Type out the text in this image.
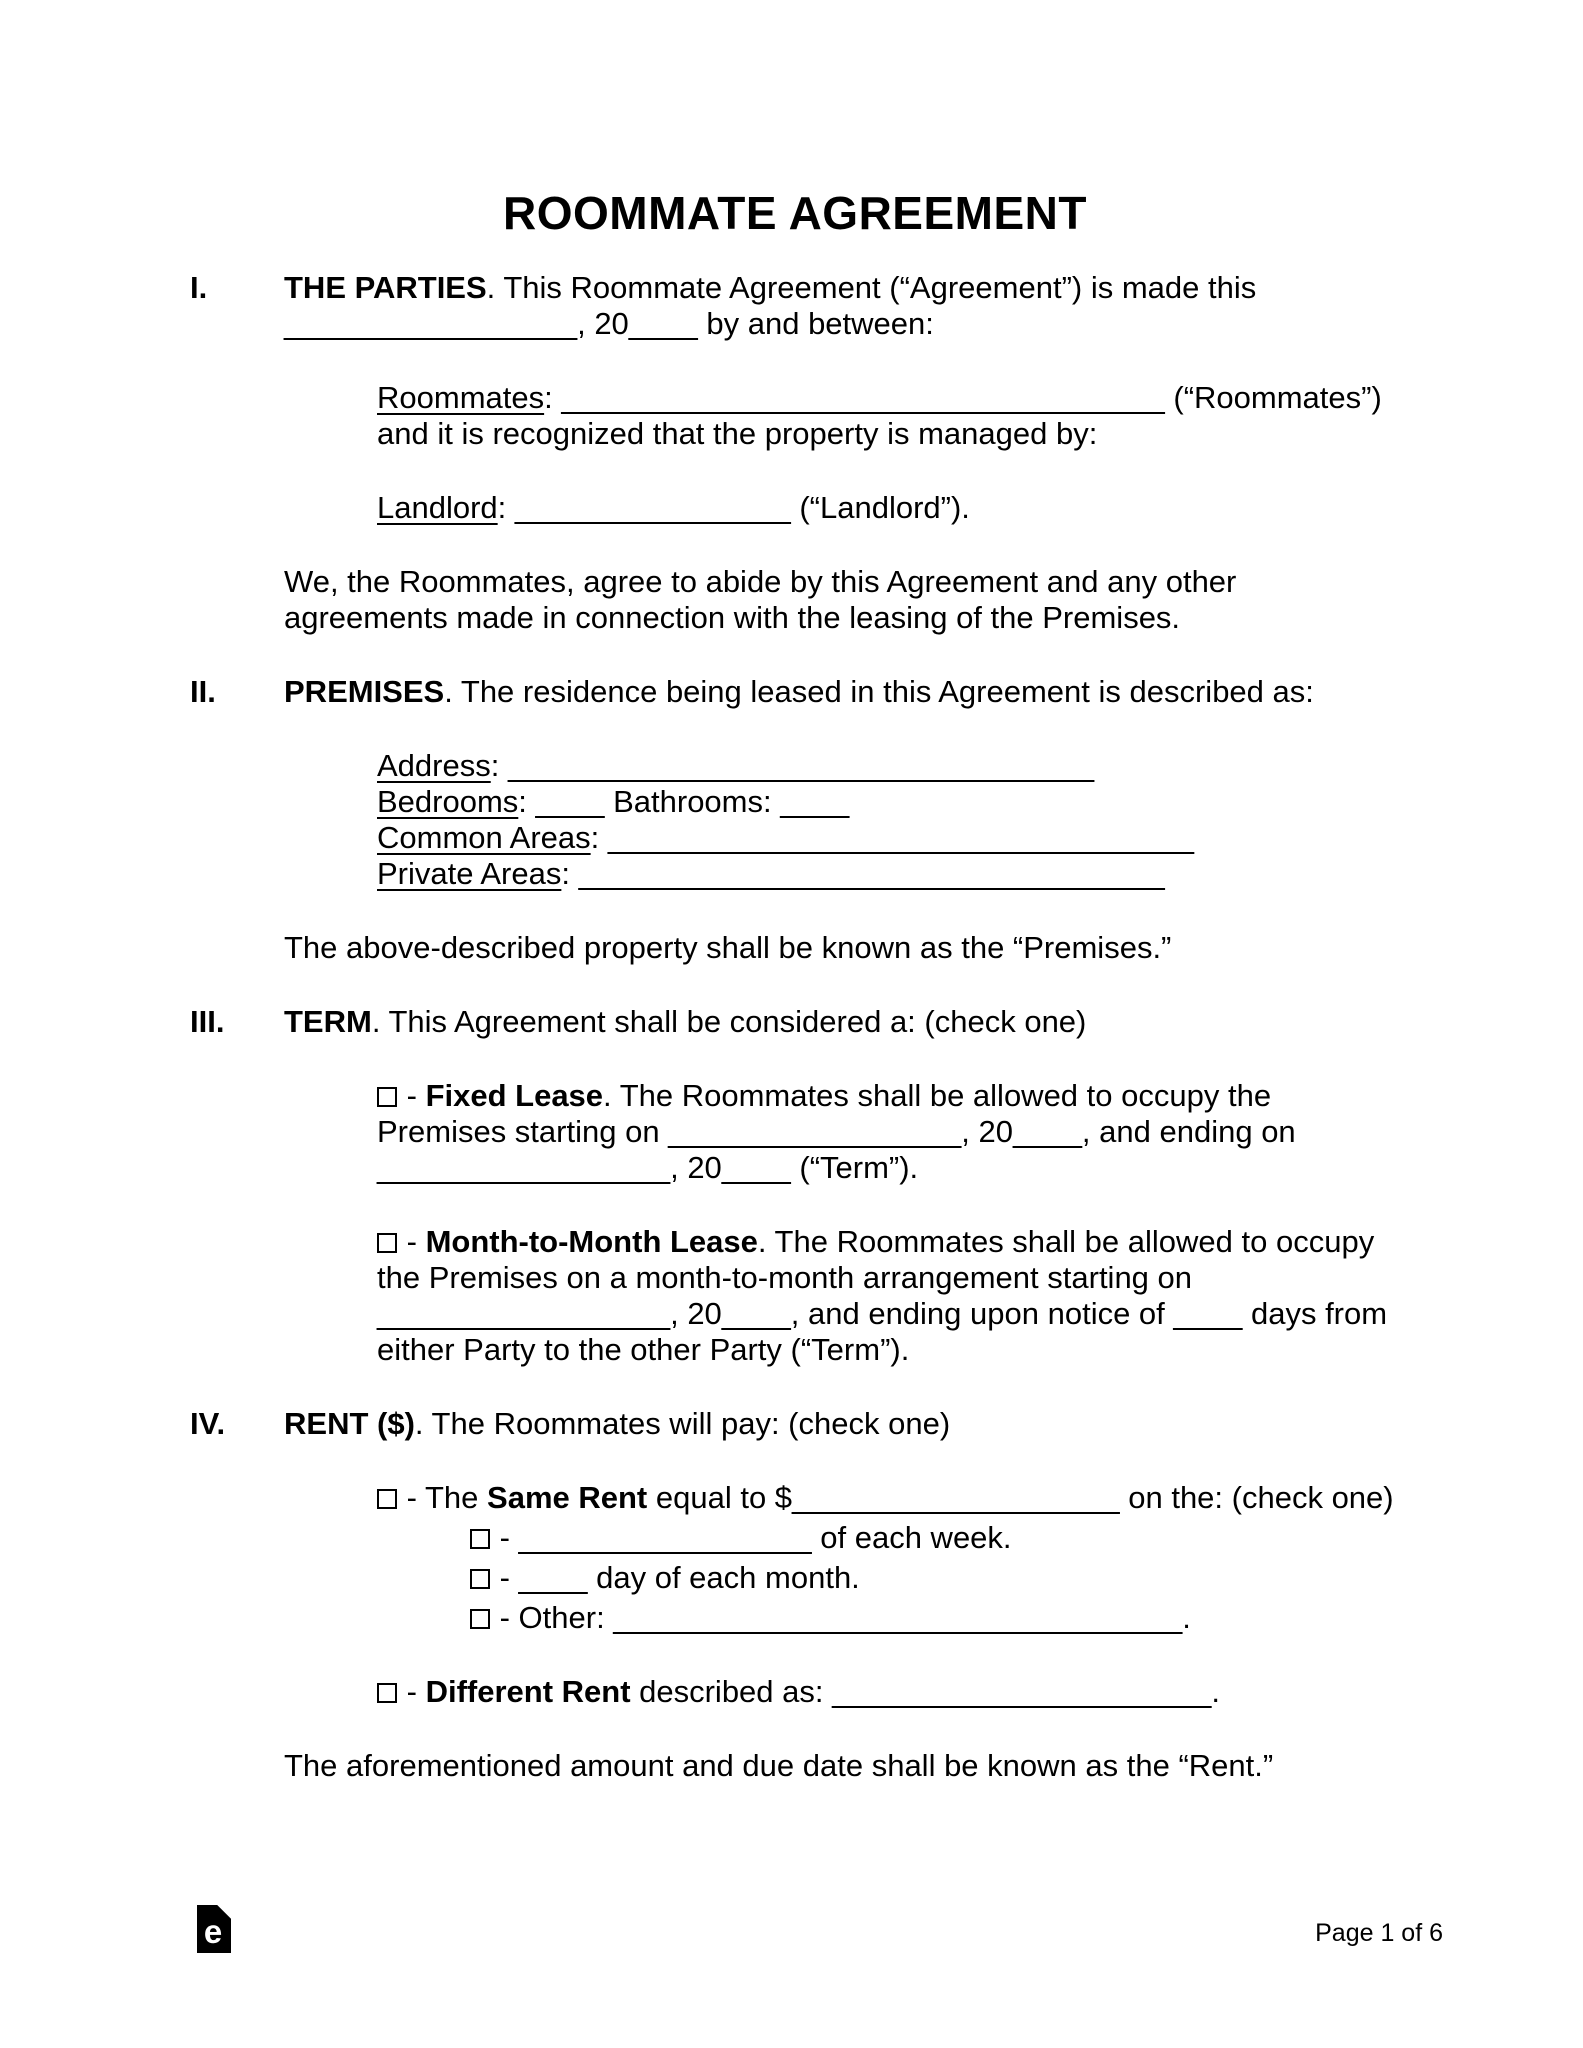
ROOMMATE AGREEMENT
I.	THE PARTIES. This Roommate Agreement (“Agreement”) is made this _________________, 20____ by and between:
Roommates: ___________________________________ (“Roommates”) and it is recognized that the property is managed by:
Landlord: ________________ (“Landlord”).
We, the Roommates, agree to abide by this Agreement and any other agreements made in connection with the leasing of the Premises.
II.	PREMISES. The residence being leased in this Agreement is described as:
Address: __________________________________
Bedrooms: ____ Bathrooms: ____
Common Areas: __________________________________
Private Areas: __________________________________
The above-described property shall be known as the “Premises.”
III.	TERM. This Agreement shall be considered a: (check one)
- Fixed Lease. The Roommates shall be allowed to occupy the Premises starting on _________________, 20____, and ending on _________________, 20____ (“Term”).
- Month-to-Month Lease. The Roommates shall be allowed to occupy the Premises on a month-to-month arrangement starting on _________________, 20____, and ending upon notice of ____ days from either Party to the other Party (“Term”).
IV.	RENT ($). The Roommates will pay: (check one)
- The Same Rent equal to $___________________ on the: (check one)
- _________________ of each week.
- ____ day of each month.
- Other: _________________________________.
- Different Rent described as: ______________________.
The aforementioned amount and due date shall be known as the “Rent.”
e	Page 1 of 6
